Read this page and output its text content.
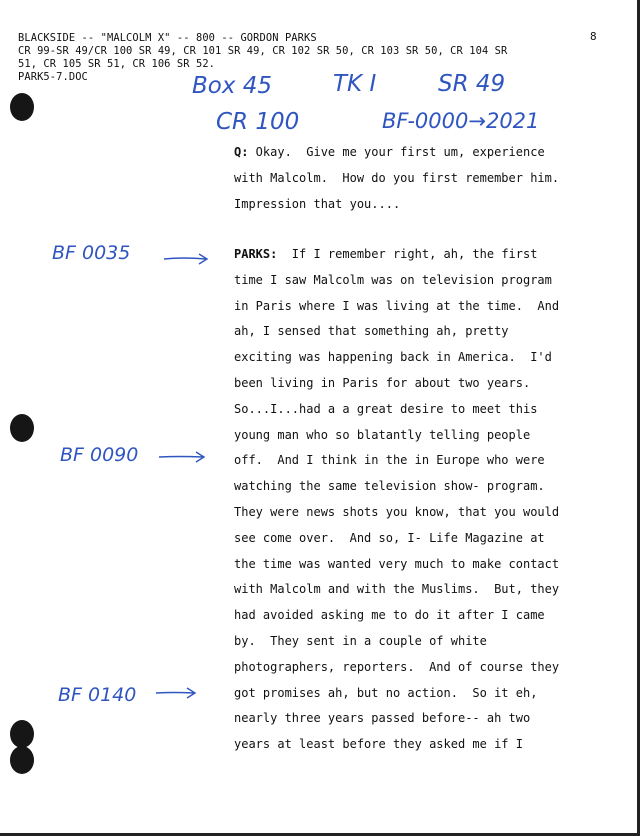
BLACKSIDE -- "MALCOLM X" -- 800 -- GORDON PARKS	8
CR 99-SR 49/CR 100 SR 49, CR 101 SR 49, CR 102 SR 50, CR 103 SR 50, CR 104 SR
51, CR 105 SR 51, CR 106 SR 52.
PARK5-7.DOC	Box 45	TK I	SR 49
CR 100	BF-0000→2021
BF 0035
BF 0090
BF 0140
Q: Okay.  Give me your first um, experience
with Malcolm.  How do you first remember him.
Impression that you....
PARKS:  If I remember right, ah, the first
time I saw Malcolm was on television program
in Paris where I was living at the time.  And
ah, I sensed that something ah, pretty
exciting was happening back in America.  I'd
been living in Paris for about two years.
So...I...had a a great desire to meet this
young man who so blatantly telling people
off.  And I think in the in Europe who were
watching the same television show- program.
They were news shots you know, that you would
see come over.  And so, I- Life Magazine at
the time was wanted very much to make contact
with Malcolm and with the Muslims.  But, they
had avoided asking me to do it after I came
by.  They sent in a couple of white
photographers, reporters.  And of course they
got promises ah, but no action.  So it eh,
nearly three years passed before-- ah two
years at least before they asked me if I
